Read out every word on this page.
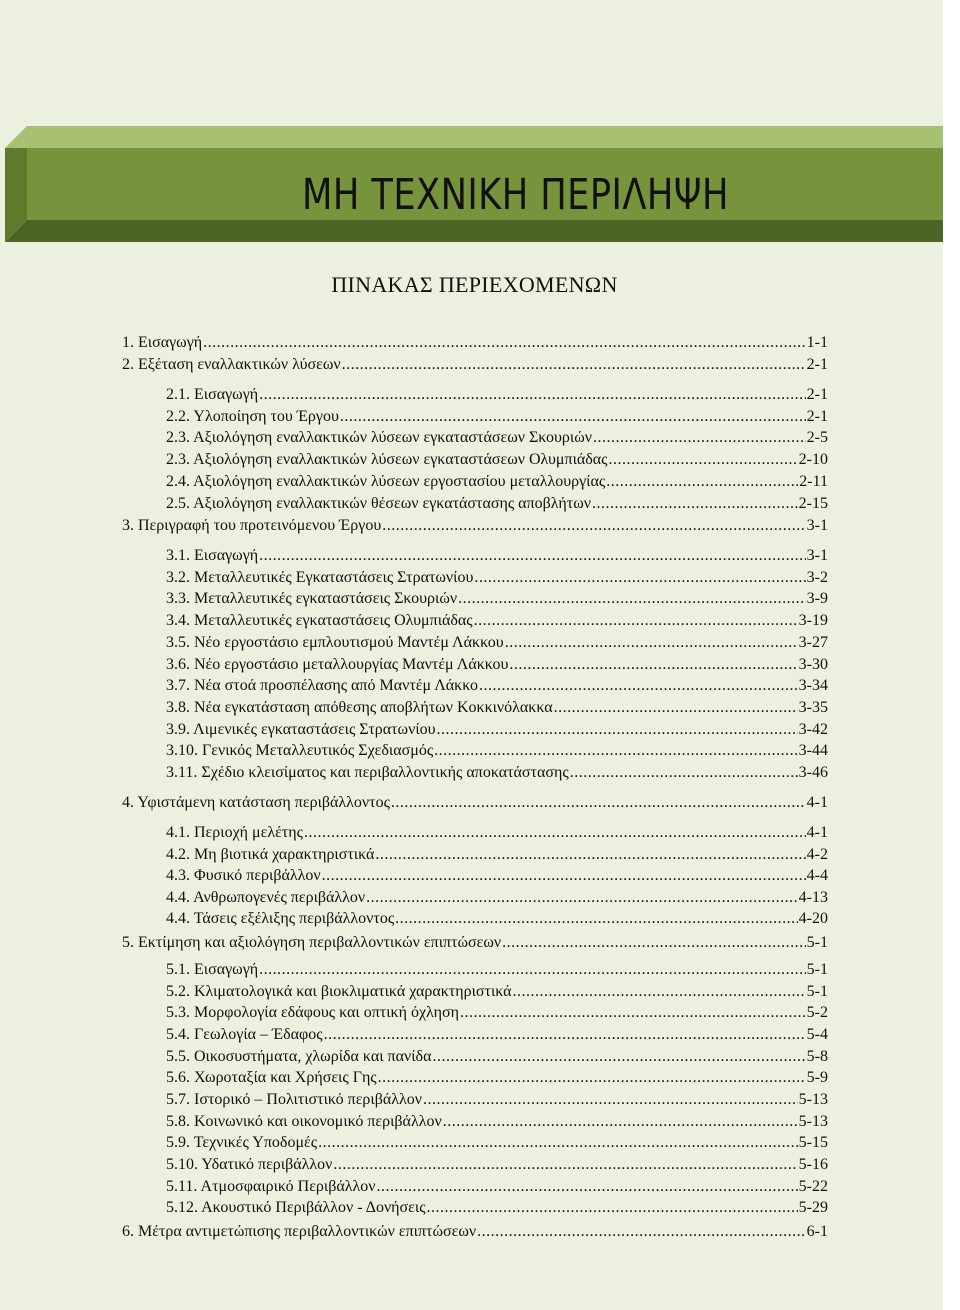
ΜΗ ΤΕΧΝΙΚΗ ΠΕΡΙΛΗΨΗ
ΠΙΝΑΚΑΣ ΠΕΡΙΕΧΟΜΕΝΩΝ
1. Εισαγωγή .....	1-1
2. Εξέταση εναλλακτικών λύσεων .....	2-1
2.1. Εισαγωγή .....	2-1
2.2. Υλοποίηση του Έργου .....	2-1
2.3. Αξιολόγηση εναλλακτικών λύσεων εγκαταστάσεων Σκουριών .....	2-5
2.3. Αξιολόγηση εναλλακτικών λύσεων εγκαταστάσεων Ολυμπιάδας .....	2-10
2.4. Αξιολόγηση εναλλακτικών λύσεων εργοστασίου μεταλλουργίας .....	2-11
2.5. Αξιολόγηση εναλλακτικών θέσεων εγκατάστασης αποβλήτων .....	2-15
3. Περιγραφή του προτεινόμενου Έργου .....	3-1
3.1. Εισαγωγή .....	3-1
3.2. Μεταλλευτικές Εγκαταστάσεις Στρατωνίου .....	3-2
3.3. Μεταλλευτικές εγκαταστάσεις Σκουριών .....	3-9
3.4. Μεταλλευτικές εγκαταστάσεις Ολυμπιάδας .....	3-19
3.5. Νέο εργοστάσιο εμπλουτισμού Μαντέμ Λάκκου .....	3-27
3.6. Νέο εργοστάσιο μεταλλουργίας Μαντέμ Λάκκου .....	3-30
3.7. Νέα στοά προσπέλασης από Μαντέμ Λάκκο .....	3-34
3.8. Νέα εγκατάσταση απόθεσης αποβλήτων Κοκκινόλακκα .....	3-35
3.9. Λιμενικές εγκαταστάσεις Στρατωνίου .....	3-42
3.10. Γενικός Μεταλλευτικός Σχεδιασμός .....	3-44
3.11. Σχέδιο κλεισίματος και περιβαλλοντικής αποκατάστασης .....	3-46
4. Υφιστάμενη κατάσταση περιβάλλοντος .....	4-1
4.1. Περιοχή μελέτης .....	4-1
4.2. Μη βιοτικά χαρακτηριστικά .....	4-2
4.3. Φυσικό περιβάλλον .....	4-4
4.4. Ανθρωπογενές περιβάλλον .....	4-13
4.4. Τάσεις εξέλιξης περιβάλλοντος .....	4-20
5. Εκτίμηση και αξιολόγηση περιβαλλοντικών επιπτώσεων .....	5-1
5.1. Εισαγωγή .....	5-1
5.2. Κλιματολογικά και βιοκλιματικά χαρακτηριστικά .....	5-1
5.3. Μορφολογία εδάφους και οπτική όχληση .....	5-2
5.4. Γεωλογία – Έδαφος .....	5-4
5.5. Οικοσυστήματα, χλωρίδα και πανίδα .....	5-8
5.6. Χωροταξία και Χρήσεις Γης .....	5-9
5.7. Ιστορικό – Πολιτιστικό περιβάλλον .....	5-13
5.8. Κοινωνικό και οικονομικό περιβάλλον .....	5-13
5.9. Τεχνικές Υποδομές .....	5-15
5.10. Υδατικό περιβάλλον .....	5-16
5.11. Ατμοσφαιρικό Περιβάλλον .....	5-22
5.12. Ακουστικό Περιβάλλον - Δονήσεις .....	5-29
6. Μέτρα αντιμετώπισης περιβαλλοντικών επιπτώσεων .....	6-1
